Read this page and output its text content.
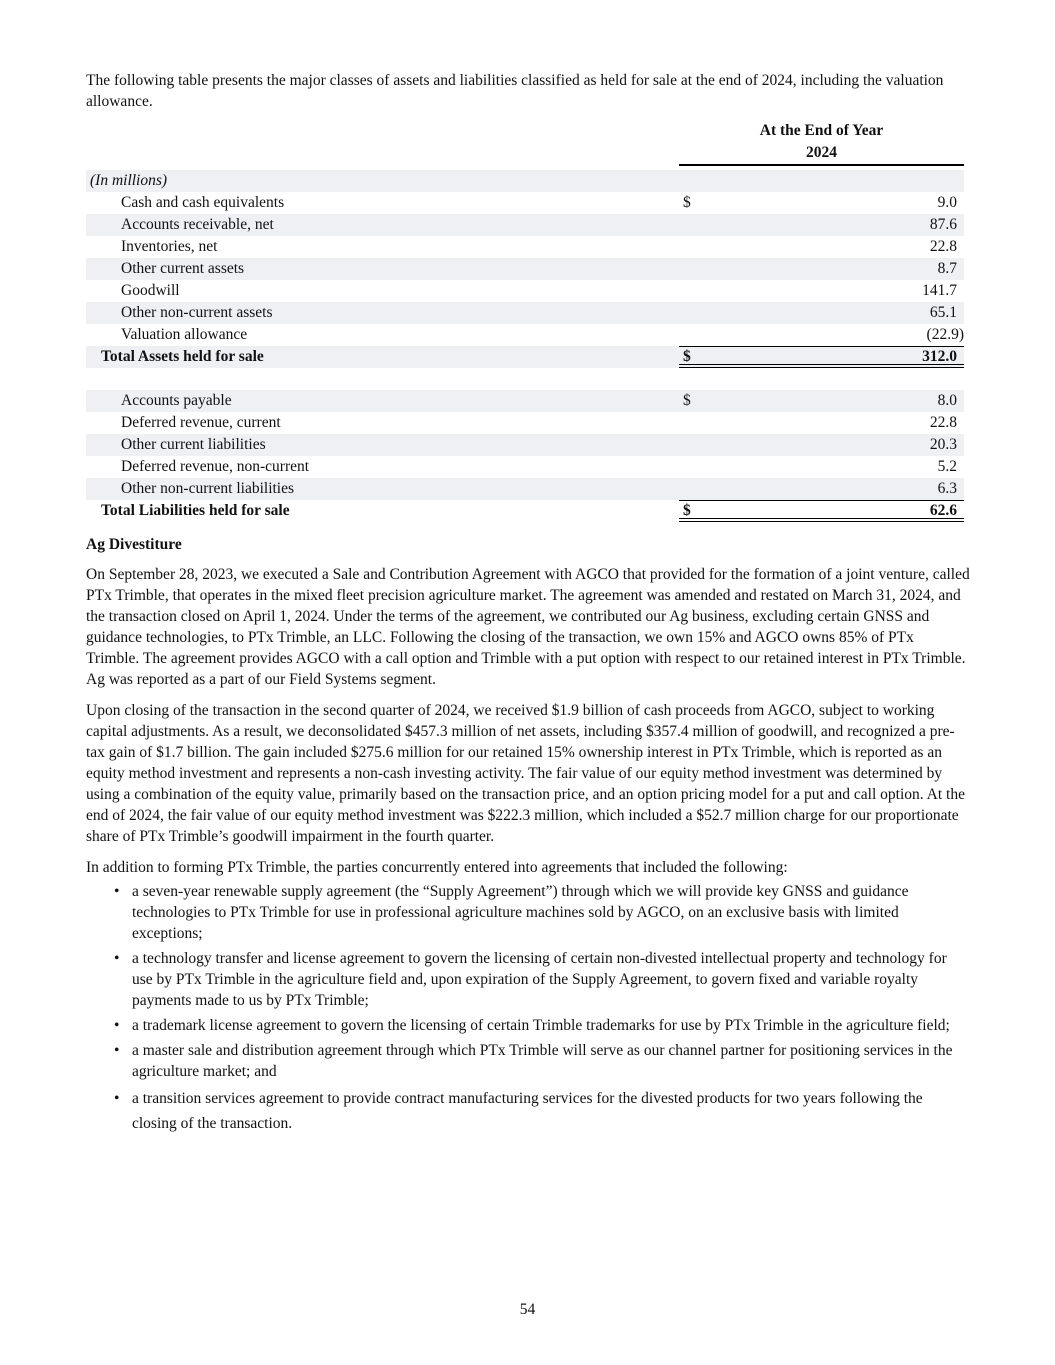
The following table presents the major classes of assets and liabilities classified as held for sale at the end of 2024, including the valuation allowance.

At the End of Year
2024
(In millions)
Cash and cash equivalents	$	9.0
Accounts receivable, net	87.6
Inventories, net	22.8
Other current assets	8.7
Goodwill	141.7
Other non-current assets	65.1
Valuation allowance	(22.9)
Total Assets held for sale	$	312.0
Accounts payable	$	8.0
Deferred revenue, current	22.8
Other current liabilities	20.3
Deferred revenue, non-current	5.2
Other non-current liabilities	6.3
Total Liabilities held for sale	$	62.6
Ag Divestiture

On September 28, 2023, we executed a Sale and Contribution Agreement with AGCO that provided for the formation of a joint venture, called PTx Trimble, that operates in the mixed fleet precision agriculture market. The agreement was amended and restated on March 31, 2024, and the transaction closed on April 1, 2024. Under the terms of the agreement, we contributed our Ag business, excluding certain GNSS and guidance technologies, to PTx Trimble, an LLC. Following the closing of the transaction, we own 15% and AGCO owns 85% of PTx Trimble. The agreement provides AGCO with a call option and Trimble with a put option with respect to our retained interest in PTx Trimble. Ag was reported as a part of our Field Systems segment.

Upon closing of the transaction in the second quarter of 2024, we received $1.9 billion of cash proceeds from AGCO, subject to working capital adjustments. As a result, we deconsolidated $457.3 million of net assets, including $357.4 million of goodwill, and recognized a pre-tax gain of $1.7 billion. The gain included $275.6 million for our retained 15% ownership interest in PTx Trimble, which is reported as an equity method investment and represents a non-cash investing activity. The fair value of our equity method investment was determined by using a combination of the equity value, primarily based on the transaction price, and an option pricing model for a put and call option. At the end of 2024, the fair value of our equity method investment was $222.3 million, which included a $52.7 million charge for our proportionate share of PTx Trimble’s goodwill impairment in the fourth quarter.

In addition to forming PTx Trimble, the parties concurrently entered into agreements that included the following:

• a seven-year renewable supply agreement (the “Supply Agreement”) through which we will provide key GNSS and guidance technologies to PTx Trimble for use in professional agriculture machines sold by AGCO, on an exclusive basis with limited exceptions;
• a technology transfer and license agreement to govern the licensing of certain non-divested intellectual property and technology for use by PTx Trimble in the agriculture field and, upon expiration of the Supply Agreement, to govern fixed and variable royalty payments made to us by PTx Trimble;
• a trademark license agreement to govern the licensing of certain Trimble trademarks for use by PTx Trimble in the agriculture field;
• a master sale and distribution agreement through which PTx Trimble will serve as our channel partner for positioning services in the agriculture market; and
• a transition services agreement to provide contract manufacturing services for the divested products for two years following the closing of the transaction.
54
